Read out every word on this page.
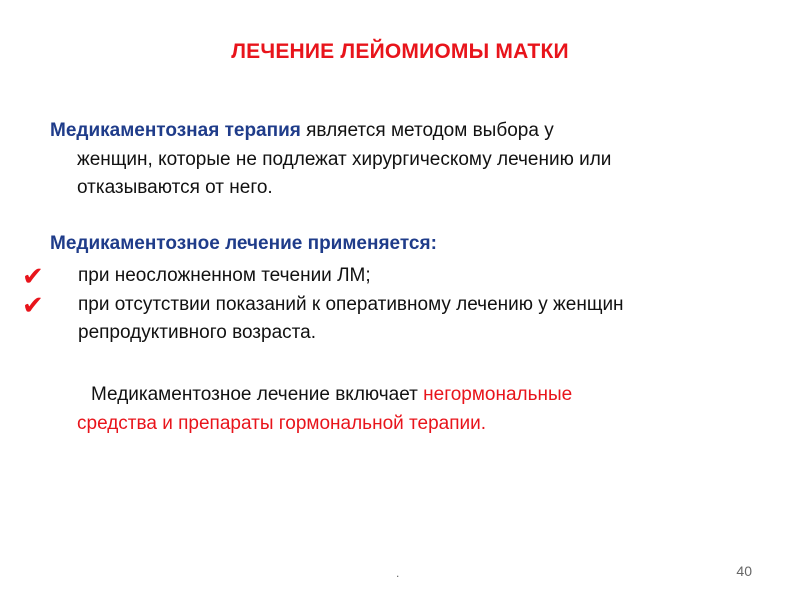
ЛЕЧЕНИЕ ЛЕЙОМИОМЫ МАТКИ
Медикаментозная терапия является методом выбора у
женщин, которые не подлежат хирургическому лечению или
отказываются от него.
Медикаментозное лечение применяется:
✔ при неосложненном течении ЛМ;
✔ при отсутствии показаний к оперативному лечению у женщин
репродуктивного возраста.
Медикаментозное лечение включает негормональные
средства и препараты гормональной терапии.
.	40
